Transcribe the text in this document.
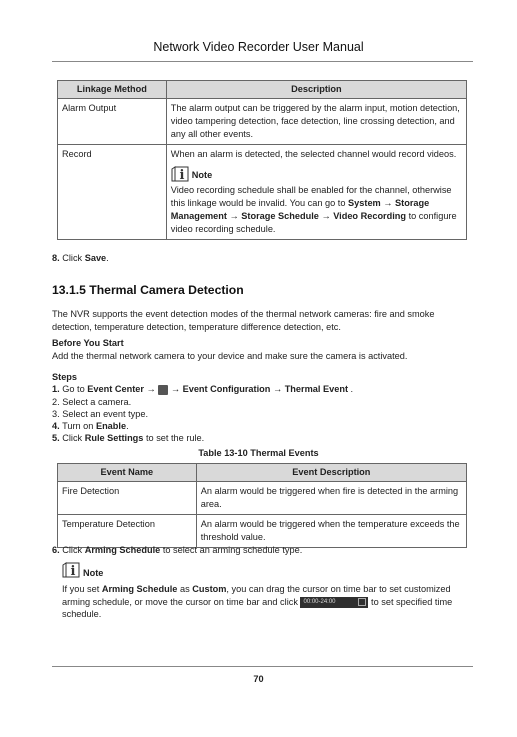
Network Video Recorder User Manual
Linkage Method	Description
Alarm Output	The alarm output can be triggered by the alarm input, motion detection, video tampering detection, face detection, line crossing detection, and any all other events.
Record	When an alarm is detected, the selected channel would record videos.
i Note
Video recording schedule shall be enabled for the channel, otherwise this linkage would be invalid. You can go to System → Storage Management → Storage Schedule → Video Recording to configure video recording schedule.
8. Click Save.
13.1.5 Thermal Camera Detection
The NVR supports the event detection modes of the thermal network cameras: fire and smoke detection, temperature detection, temperature difference detection, etc.
Before You Start
Add the thermal network camera to your device and make sure the camera is activated.
Steps
1. Go to Event Center → → Event Configuration → Thermal Event .
2. Select a camera.
3. Select an event type.
4. Turn on Enable.
5. Click Rule Settings to set the rule.
Table 13-10 Thermal Events
Event Name	Event Description
Fire Detection	An alarm would be triggered when fire is detected in the arming area.
Temperature Detection	An alarm would be triggered when the temperature exceeds the threshold value.
6. Click Arming Schedule to select an arming schedule type.
i Note
If you set Arming Schedule as Custom, you can drag the cursor on time bar to set customized arming schedule, or move the cursor on time bar and click 00:00-24:00	to set specified time schedule.
70
